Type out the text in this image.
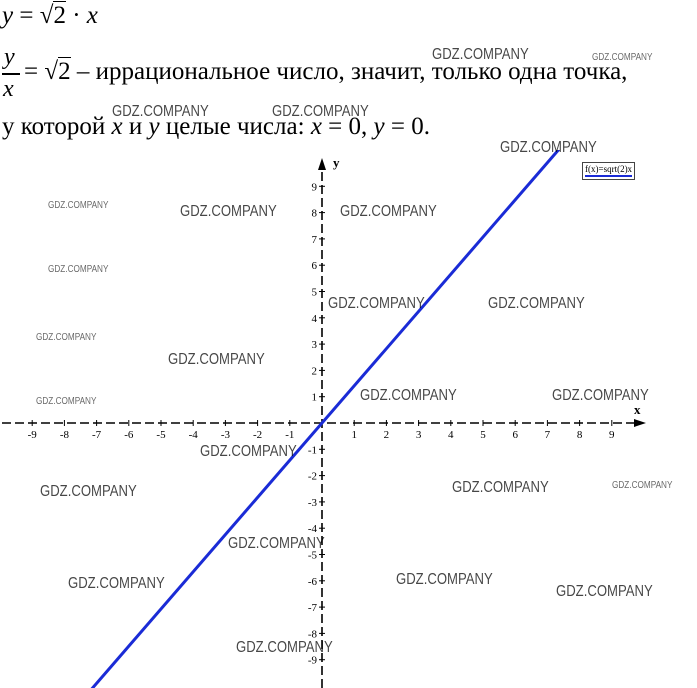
y = √2 · x
y
x
= √2 – иррациональное число, значит, только одна точка,
у которой x и y целые числа: x = 0, y = 0.
x
y
-9 -8 -7 -6 -5 -4 -3 -2 -1	1 2 3 4 5 6 7 8 9
-9
-8
-7
-6
-5
-4
-3
-2
-1
1
2
3
4
5
6
7
8
9
f(x)=sqrt(2)x
GDZ.COMPANY	GDZ.COMPANY
GDZ.COMPANY	GDZ.COMPANY
GDZ.COMPANY
GDZ.COMPANY	GDZ.COMPANY	GDZ.COMPANY
GDZ.COMPANY
GDZ.COMPANY	GDZ.COMPANY
GDZ.COMPANY
GDZ.COMPANY
GDZ.COMPANY	GDZ.COMPANY
GDZ.COMPANY
GDZ.COMPANY
GDZ.COMPANY	GDZ.COMPANY
GDZ.COMPANY
GDZ.COMPANY
GDZ.COMPANY
GDZ.COMPANY	GDZ.COMPANY
GDZ.COMPANY
